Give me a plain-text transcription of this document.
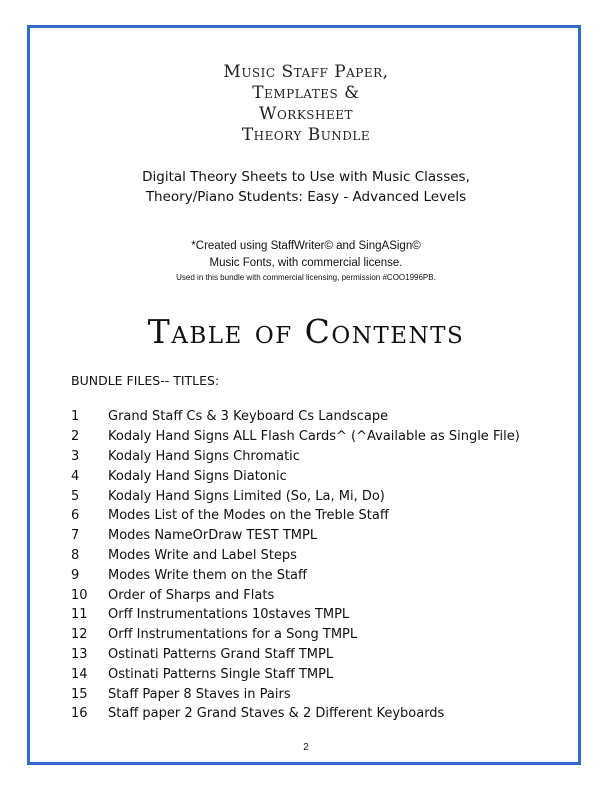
Music Staff Paper,
Templates &
Worksheet
Theory Bundle
Digital Theory Sheets to Use with Music Classes,
Theory/Piano Students: Easy - Advanced Levels
*Created using StaffWriter© and SingASign©
Music Fonts, with commercial license.
Used in this bundle with commercial licensing, permission #COO1996PB.
Table of Contents
BUNDLE FILES-- TITLES:
1	Grand Staff Cs & 3 Keyboard Cs Landscape
2	Kodaly Hand Signs ALL Flash Cards^ (^Available as Single File)
3	Kodaly Hand Signs Chromatic
4	Kodaly Hand Signs Diatonic
5	Kodaly Hand Signs Limited (So, La, Mi, Do)
6	Modes List of the Modes on the Treble Staff
7	Modes NameOrDraw TEST TMPL
8	Modes Write and Label Steps
9	Modes Write them on the Staff
10	Order of Sharps and Flats
11	Orff Instrumentations 10staves TMPL
12	Orff Instrumentations for a Song TMPL
13	Ostinati Patterns Grand Staff TMPL
14	Ostinati Patterns Single Staff TMPL
15	Staff Paper 8 Staves in Pairs
16	Staff paper 2 Grand Staves & 2 Different Keyboards
2
